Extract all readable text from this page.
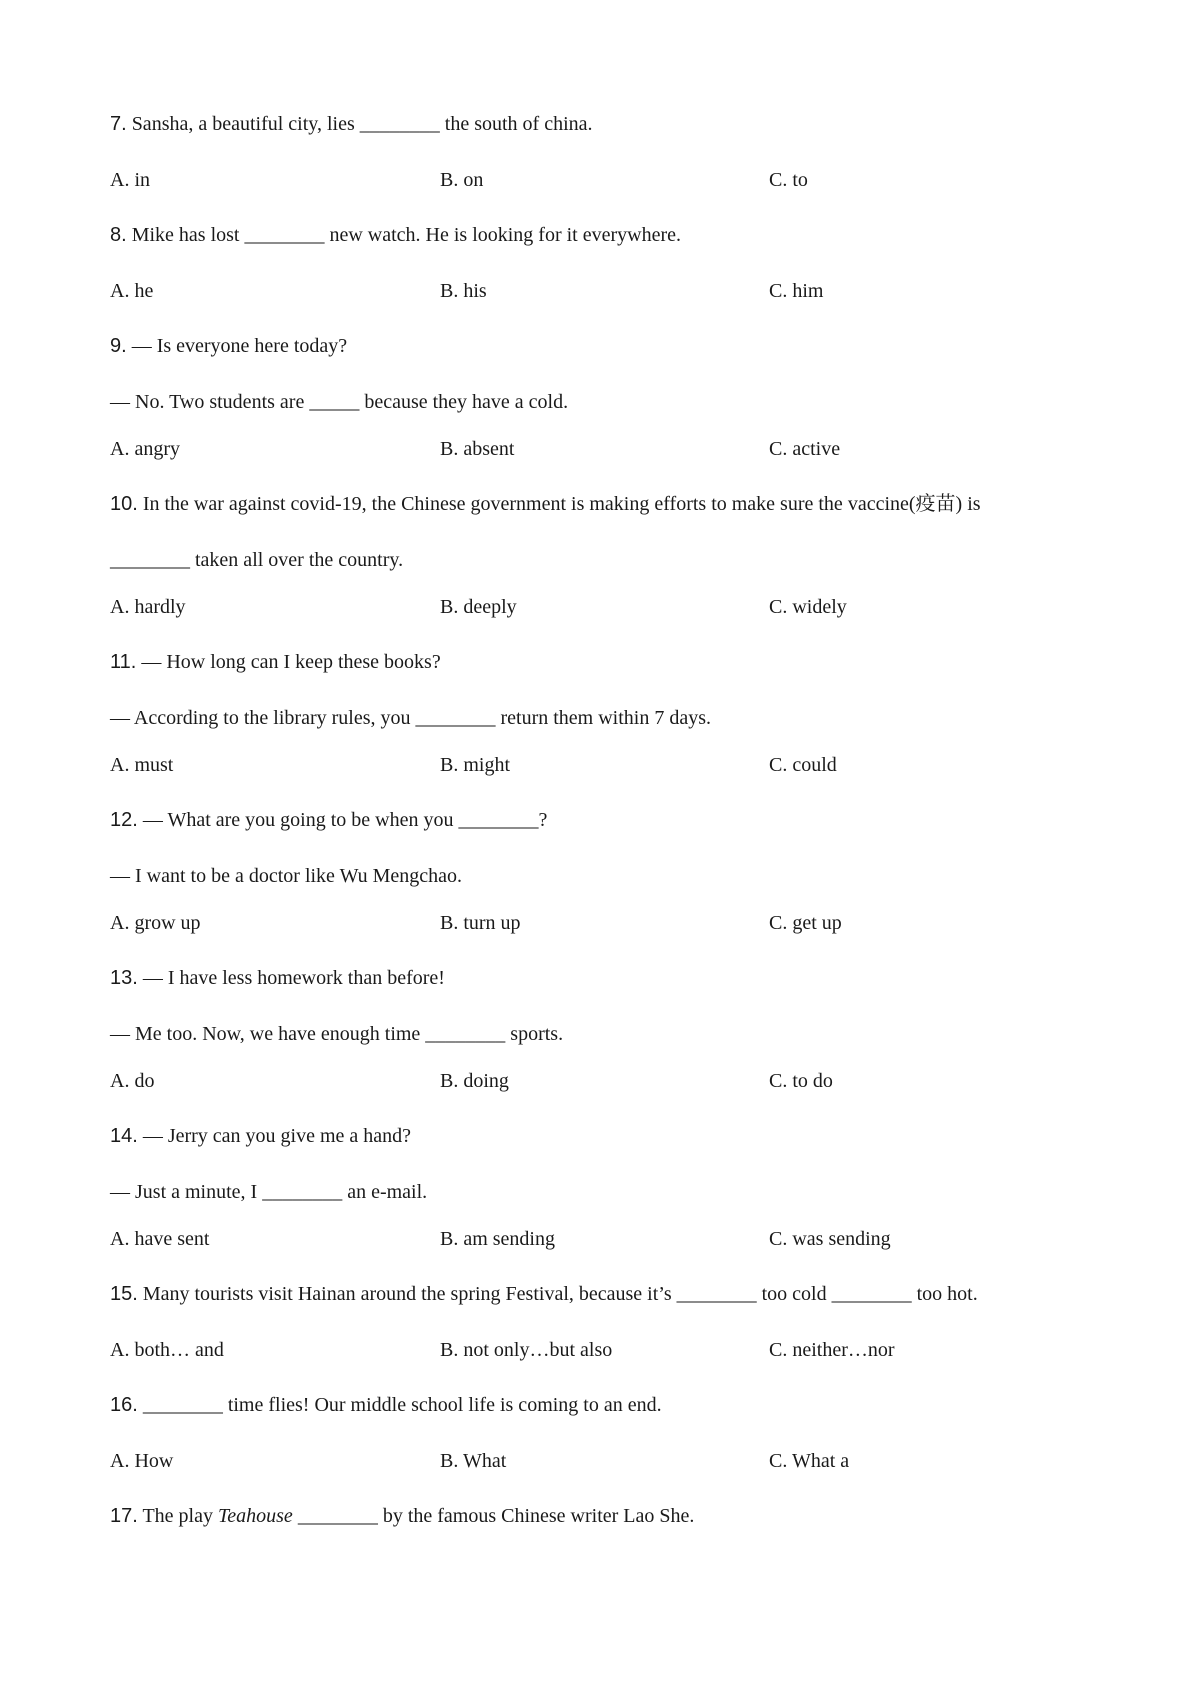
7. Sansha, a beautiful city, lies ________ the south of china.
A. in	B. on	C. to
8. Mike has lost ________ new watch. He is looking for it everywhere.
A. he	B. his	C. him
9. — Is everyone here today?
— No. Two students are _____ because they have a cold.
A. angry	B. absent	C. active
10. In the war against covid-19, the Chinese government is making efforts to make sure the vaccine(疫苗) is
________ taken all over the country.
A. hardly	B. deeply	C. widely
11. — How long can I keep these books?
— According to the library rules, you ________ return them within 7 days.
A. must	B. might	C. could
12. — What are you going to be when you ________?
— I want to be a doctor like Wu Mengchao.
A. grow up	B. turn up	C. get up
13. — I have less homework than before!
— Me too. Now, we have enough time ________ sports.
A. do	B. doing	C. to do
14. — Jerry can you give me a hand?
— Just a minute, I ________ an e-mail.
A. have sent	B. am sending	C. was sending
15. Many tourists visit Hainan around the spring Festival, because it’s ________ too cold ________ too hot.
A. both… and	B. not only…but also	C. neither…nor
16. ________ time flies! Our middle school life is coming to an end.
A. How	B. What	C. What a
17. The play Teahouse ________ by the famous Chinese writer Lao She.
